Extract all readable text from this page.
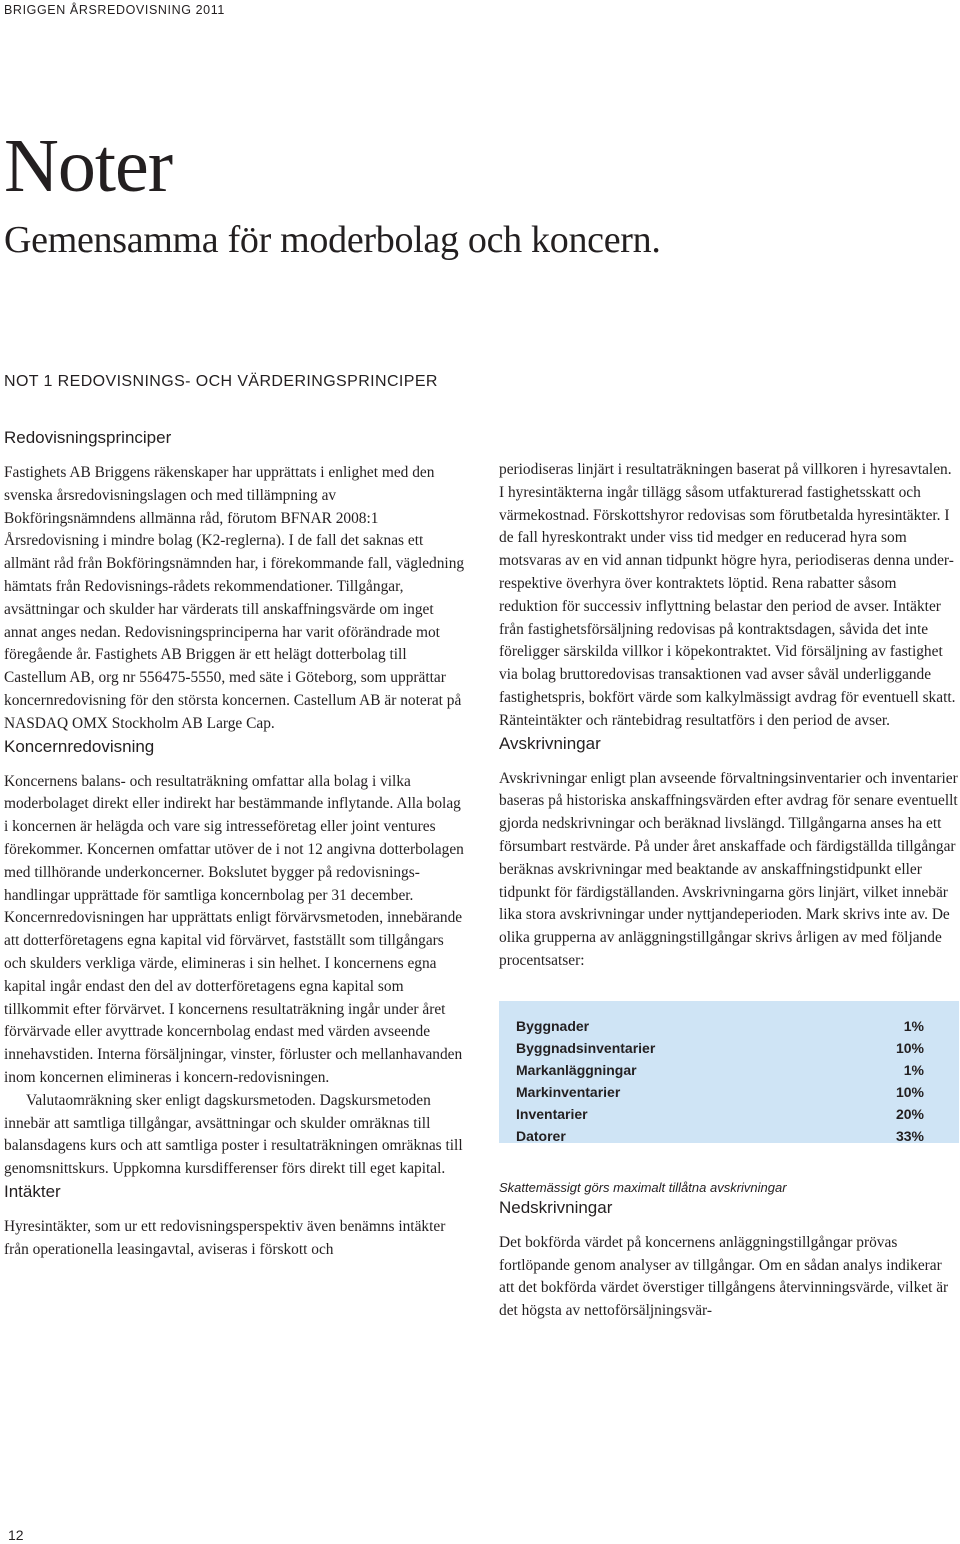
BRIGGEN ÅRSREDOVISNING 2011
Noter
Gemensamma för moderbolag och koncern.
NOT 1 REDOVISNINGS- OCH VÄRDERINGSPRINCIPER
Redovisningsprinciper

Fastighets AB Briggens räkenskaper har upprättats i enlighet med den svenska årsredovisningslagen och med tillämpning av Bokföringsnämndens allmänna råd, förutom BFNAR 2008:1 Årsredovisning i mindre bolag (K2-reglerna). I de fall det saknas ett allmänt råd från Bokföringsnämnden har, i förekommande fall, vägledning hämtats från Redovisnings-rådets rekommendationer. Tillgångar, avsättningar och skulder har värderats till anskaffningsvärde om inget annat anges nedan. Redovisningsprinciperna har varit oförändrade mot föregående år. Fastighets AB Briggen är ett helägt dotterbolag till Castellum AB, org nr 556475-5550, med säte i Göteborg, som upprättar koncernredovisning för den största koncernen. Castellum AB är noterat på NASDAQ OMX Stockholm AB Large Cap.

Koncernredovisning

Koncernens balans- och resultaträkning omfattar alla bolag i vilka moderbolaget direkt eller indirekt har bestämmande inflytande. Alla bolag i koncernen är helägda och vare sig intresseföretag eller joint ventures förekommer. Koncernen omfattar utöver de i not 12 angivna dotterbolagen med tillhörande underkoncerner. Bokslutet bygger på redovisnings-handlingar upprättade för samtliga koncernbolag per 31 december. Koncernredovisningen har upprättats enligt förvärvsmetoden, innebärande att dotterföretagens egna kapital vid förvärvet, fastställt som tillgångars och skulders verkliga värde, elimineras i sin helhet. I koncernens egna kapital ingår endast den del av dotterföretagens egna kapital som tillkommit efter förvärvet. I koncernens resultaträkning ingår under året förvärvade eller avyttrade koncernbolag endast med värden avseende innehavstiden. Interna försäljningar, vinster, förluster och mellanhavanden inom koncernen elimineras i koncern-redovisningen.

Valutaomräkning sker enligt dagskursmetoden. Dagskursmetoden innebär att samtliga tillgångar, avsättningar och skulder omräknas till balansdagens kurs och att samtliga poster i resultaträkningen omräknas till genomsnittskurs. Uppkomna kursdifferenser förs direkt till eget kapital.

Intäkter

Hyresintäkter, som ur ett redovisningsperspektiv även benämns intäkter från operationella leasingavtal, aviseras i förskott och

periodiseras linjärt i resultaträkningen baserat på villkoren i hyresavtalen. I hyresintäkterna ingår tillägg såsom utfakturerad fastighetsskatt och värmekostnad. Förskottshyror redovisas som förutbetalda hyresintäkter. I de fall hyreskontrakt under viss tid medger en reducerad hyra som motsvaras av en vid annan tidpunkt högre hyra, periodiseras denna under- respektive överhyra över kontraktets löptid. Rena rabatter såsom reduktion för successiv inflyttning belastar den period de avser. Intäkter från fastighetsförsäljning redovisas på kontraktsdagen, såvida det inte föreligger särskilda villkor i köpekontraktet. Vid försäljning av fastighet via bolag bruttoredovisas transaktionen vad avser såväl underliggande fastighetspris, bokfört värde som kalkylmässigt avdrag för eventuell skatt. Ränteintäkter och räntebidrag resultatförs i den period de avser.

Avskrivningar

Avskrivningar enligt plan avseende förvaltningsinventarier och inventarier baseras på historiska anskaffningsvärden efter avdrag för senare eventuellt gjorda nedskrivningar och beräknad livslängd. Tillgångarna anses ha ett försumbart restvärde. På under året anskaffade och färdigställda tillgångar beräknas avskrivningar med beaktande av anskaffningstidpunkt eller tidpunkt för färdigställanden. Avskrivningarna görs linjärt, vilket innebär lika stora avskrivningar under nyttjandeperioden. Mark skrivs inte av. De olika grupperna av anläggningstillgångar skrivs årligen av med följande procentsatser:

Byggnader	1%
Byggnadsinventarier	10%
Markanläggningar	1%
Markinventarier	10%
Inventarier	20%
Datorer	33%
Skattemässigt görs maximalt tillåtna avskrivningar
Nedskrivningar

Det bokförda värdet på koncernens anläggningstillgångar prövas fortlöpande genom analyser av tillgångar. Om en sådan analys indikerar att det bokförda värdet överstiger tillgångens återvinningsvärde, vilket är det högsta av nettoförsäljningsvär-

12
